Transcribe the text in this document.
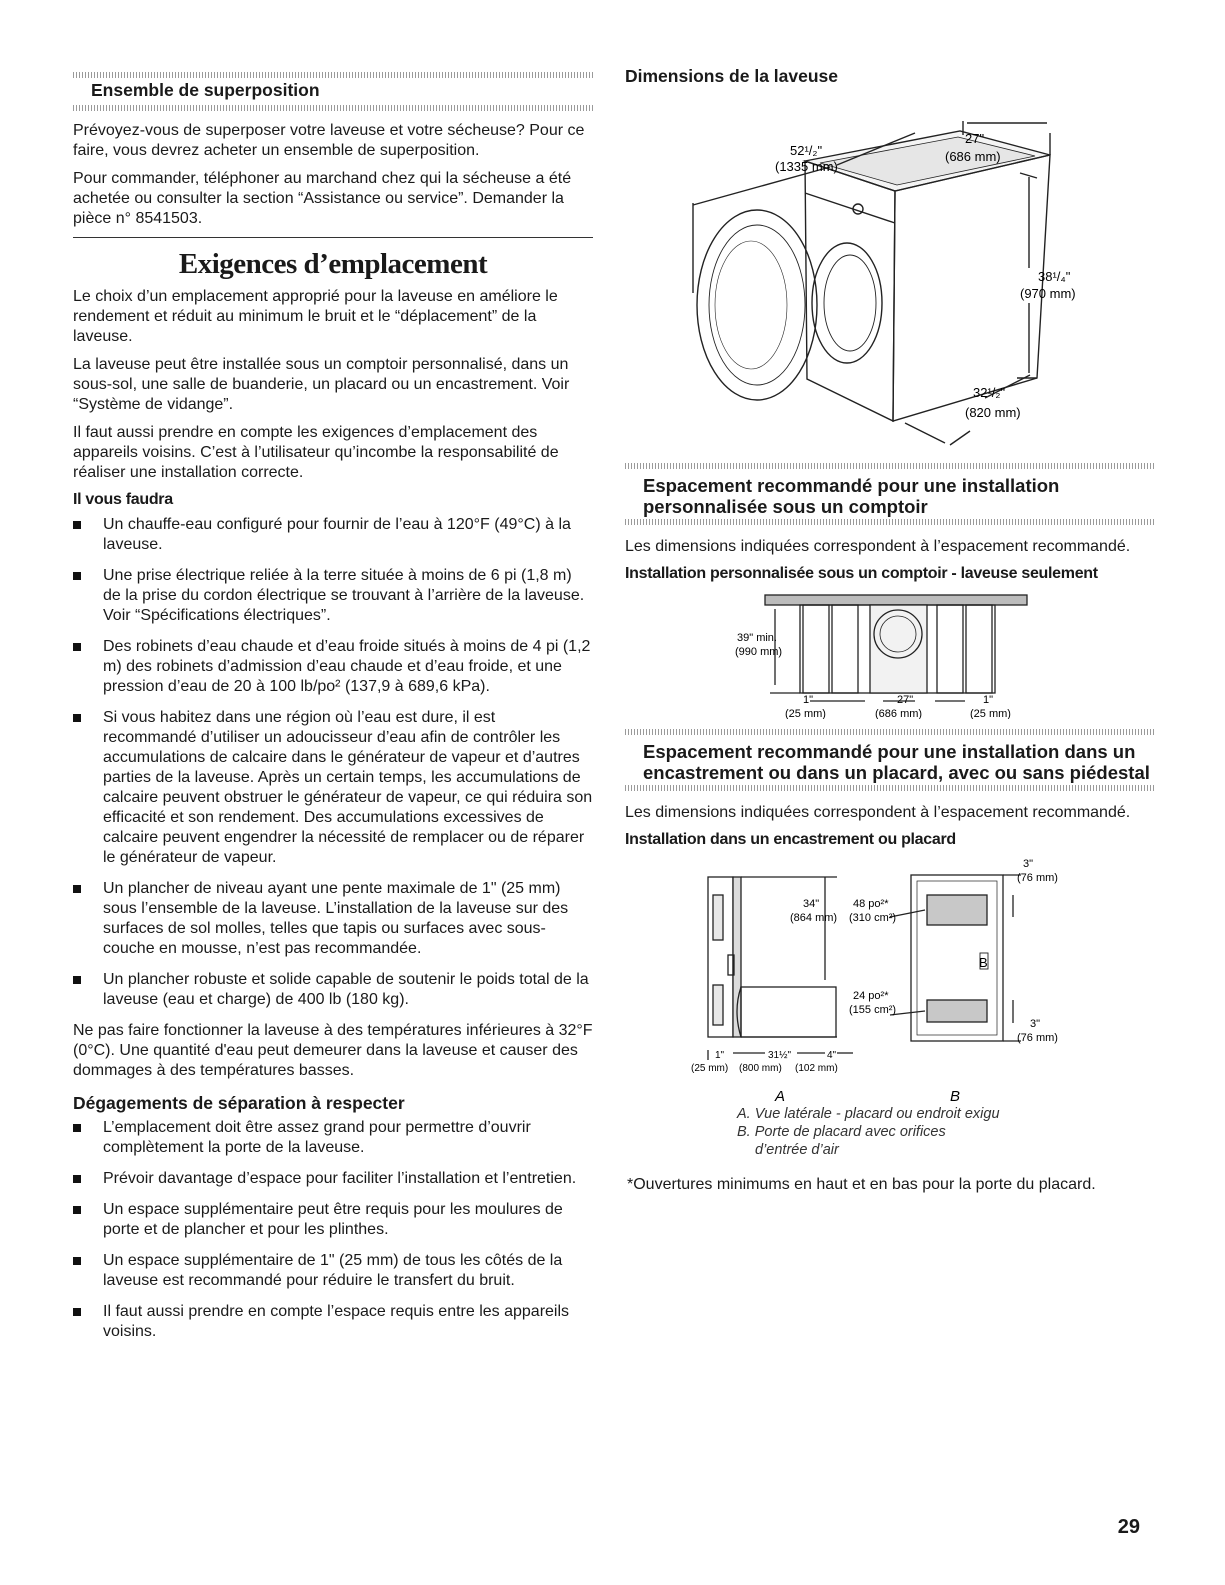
Ensemble de superposition

Prévoyez-vous de superposer votre laveuse et votre sécheuse? Pour ce faire, vous devrez acheter un ensemble de superposition.

Pour commander, téléphoner au marchand chez qui la sécheuse a été achetée ou consulter la section “Assistance ou service”. Demander la pièce n° 8541503.

Exigences d’emplacement

Le choix d’un emplacement approprié pour la laveuse en améliore le rendement et réduit au minimum le bruit et le “déplacement” de la laveuse.

La laveuse peut être installée sous un comptoir personnalisé, dans un sous-sol, une salle de buanderie, un placard ou un encastrement. Voir “Système de vidange”.

Il faut aussi prendre en compte les exigences d’emplacement des appareils voisins. C’est à l’utilisateur qu’incombe la responsabilité de réaliser une installation correcte.

Il vous faudra
Un chauffe-eau configuré pour fournir de l’eau à 120°F (49°C) à la laveuse.
Une prise électrique reliée à la terre située à moins de 6 pi (1,8 m) de la prise du cordon électrique se trouvant à l’arrière de la laveuse. Voir “Spécifications électriques”.
Des robinets d’eau chaude et d’eau froide situés à moins de 4 pi (1,2 m) des robinets d’admission d’eau chaude et d’eau froide, et une pression d’eau de 20 à 100 lb/po² (137,9 à 689,6 kPa).
Si vous habitez dans une région où l’eau est dure, il est recommandé d’utiliser un adoucisseur d’eau afin de contrôler les accumulations de calcaire dans le générateur de vapeur et d’autres parties de la laveuse. Après un certain temps, les accumulations de calcaire peuvent obstruer le générateur de vapeur, ce qui réduira son efficacité et son rendement. Des accumulations excessives de calcaire peuvent engendrer la nécessité de remplacer ou de réparer le générateur de vapeur.
Un plancher de niveau ayant une pente maximale de 1" (25 mm) sous l’ensemble de la laveuse. L’installation de la laveuse sur des surfaces de sol molles, telles que tapis ou surfaces avec sous-couche en mousse, n’est pas recommandée.
Un plancher robuste et solide capable de soutenir le poids total de la laveuse (eau et charge) de 400 lb (180 kg).

Ne pas faire fonctionner la laveuse à des températures inférieures à 32°F (0°C). Une quantité d'eau peut demeurer dans la laveuse et causer des dommages à des températures basses.

Dégagements de séparation à respecter
L’emplacement doit être assez grand pour permettre d’ouvrir complètement la porte de la laveuse.
Prévoir davantage d’espace pour faciliter l’installation et l’entretien.
Un espace supplémentaire peut être requis pour les moulures de porte et de plancher et pour les plinthes.
Un espace supplémentaire de 1" (25 mm) de tous les côtés de la laveuse est recommandé pour réduire le transfert du bruit.
Il faut aussi prendre en compte l’espace requis entre les appareils voisins.
Dimensions de la laveuse
52¹/₂"
(1335 mm)
27"
(686 mm)
38¹/₄"
(970 mm)
32¹/₂"
(820 mm)
Espacement recommandé pour une installation personnalisée sous un comptoir

Les dimensions indiquées correspondent à l’espacement recommandé.

Installation personnalisée sous un comptoir - laveuse seulement
39" min.
(990 mm)
1"
(25 mm)
27"
(686 mm)
1"
(25 mm)
Espacement recommandé pour une installation dans un encastrement ou dans un placard, avec ou sans piédestal

Les dimensions indiquées correspondent à l’espacement recommandé.

Installation dans un encastrement ou placard
3"
(76 mm)
34"
(864 mm)
48 po²*
(310 cm²)
24 po²*
(155 cm²)
3"
(76 mm)
B
1"	31½"	4"
(25 mm) (800 mm) (102 mm)
A	B
A. Vue latérale - placard ou endroit exigu
B. Porte de placard avec orifices
d’entrée d’air

*Ouvertures minimums en haut et en bas pour la porte du placard.

29
